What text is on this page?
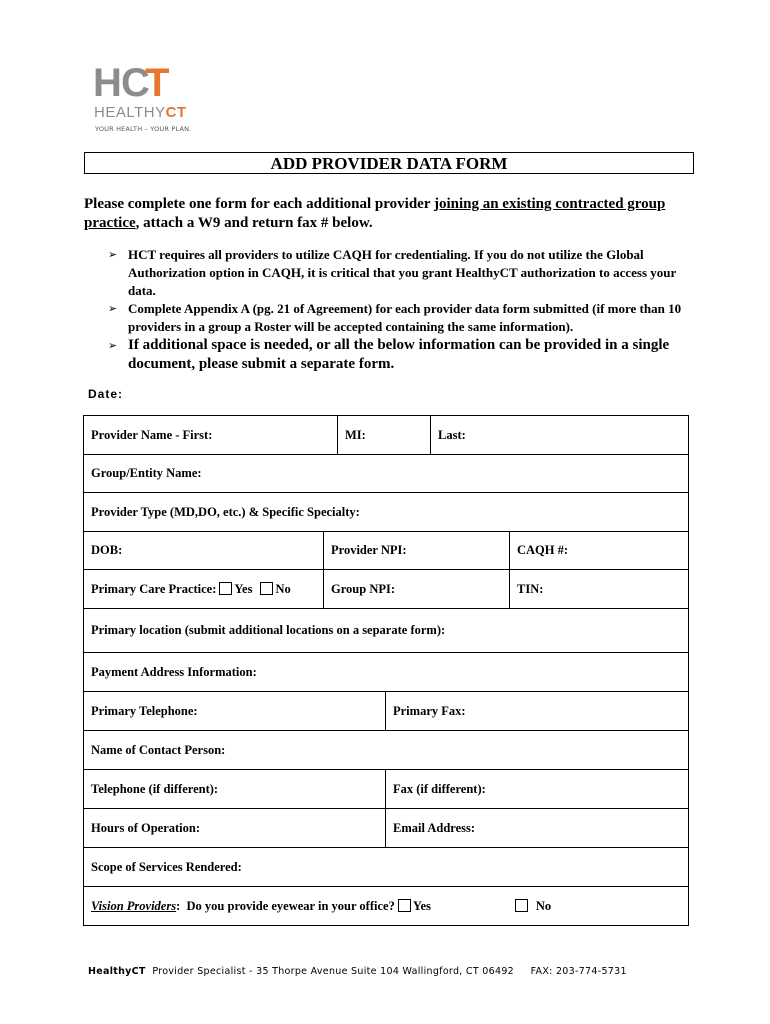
H C
T
HEALTHYCT
YOUR HEALTH – YOUR PLAN.
ADD PROVIDER DATA FORM
Please complete one form for each additional provider joining an existing contracted group
practice, attach a W9 and return fax # below.
➢ HCT requires all providers to utilize CAQH for credentialing. If you do not utilize the Global Authorization option in CAQH, it is critical that you grant HealthyCT authorization to access your data.
➢ Complete Appendix A (pg. 21 of Agreement) for each provider data form submitted (if more than 10 providers in a group a Roster will be accepted containing the same information).
➢ If additional space is needed, or all the below information can be provided in a single document, please submit a separate form.
Date:
Provider Name - First:	MI:	Last:
Group/Entity Name:
Provider Type (MD,DO, etc.) & Specific Specialty:
DOB:	Provider NPI:	CAQH #:
Primary Care Practice: Yes No	Group NPI:	TIN:
Primary location (submit additional locations on a separate form):
Payment Address Information:
Primary Telephone:	Primary Fax:
Name of Contact Person:
Telephone (if different):	Fax (if different):
Hours of Operation:	Email Address:
Scope of Services Rendered:
Vision Providers :
Do you provide eyewear in your office? Yes	No
HealthyCT Provider Specialist - 35 Thorpe Avenue Suite 104 Wallingford, CT 06492 FAX: 203-774-5731
